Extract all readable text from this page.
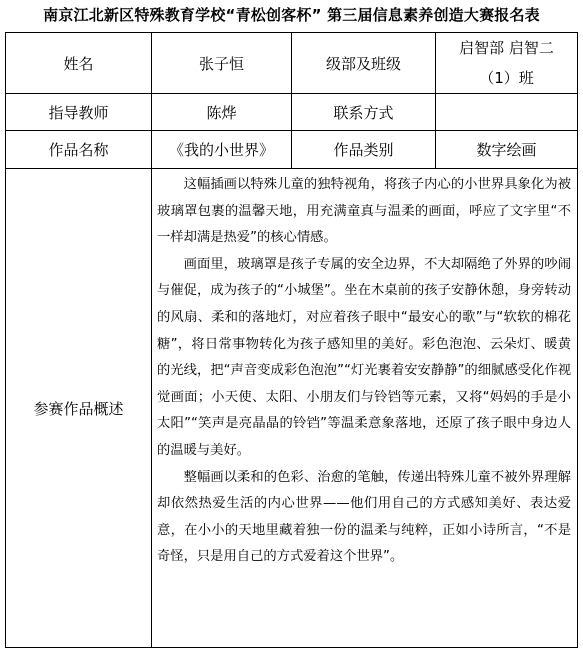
南京江北新区特殊教育学校“青松创客杯” 第三届信息素养创造大赛报名表
姓名	张子恒	级部及班级	启智部 启智二
（1）班

指导教师	陈烨	联系方式	
作品名称	《我的小世界》	作品类别	数字绘画
参赛作品概述	这幅插画以特殊儿童的独特视角，将孩子内心的小世界具象化为被玻璃罩包裹的温馨天地，用充满童真与温柔的画面，呼应了文字里“不一样却满是热爱”的核心情感。

画面里，玻璃罩是孩子专属的安全边界，不大却隔绝了外界的吵闹与催促，成为孩子的“小城堡”。坐在木桌前的孩子安静休憩，身旁转动的风扇、柔和的落地灯，对应着孩子眼中“最安心的歌”与“软软的棉花糖”，将日常事物转化为孩子感知里的美好。彩色泡泡、云朵灯、暖黄的光线，把“声音变成彩色泡泡”“灯光裹着安安静静”的细腻感受化作视觉画面；小天使、太阳、小朋友们与铃铛等元素，又将“妈妈的手是小太阳”“笑声是亮晶晶的铃铛”等温柔意象落地，还原了孩子眼中身边人的温暖与美好。

整幅画以柔和的色彩、治愈的笔触，传递出特殊儿童不被外界理解却依然热爱生活的内心世界——他们用自己的方式感知美好、表达爱意，在小小的天地里藏着独一份的温柔与纯粹，正如小诗所言，“不是奇怪，只是用自己的方式爱着这个世界”。		
